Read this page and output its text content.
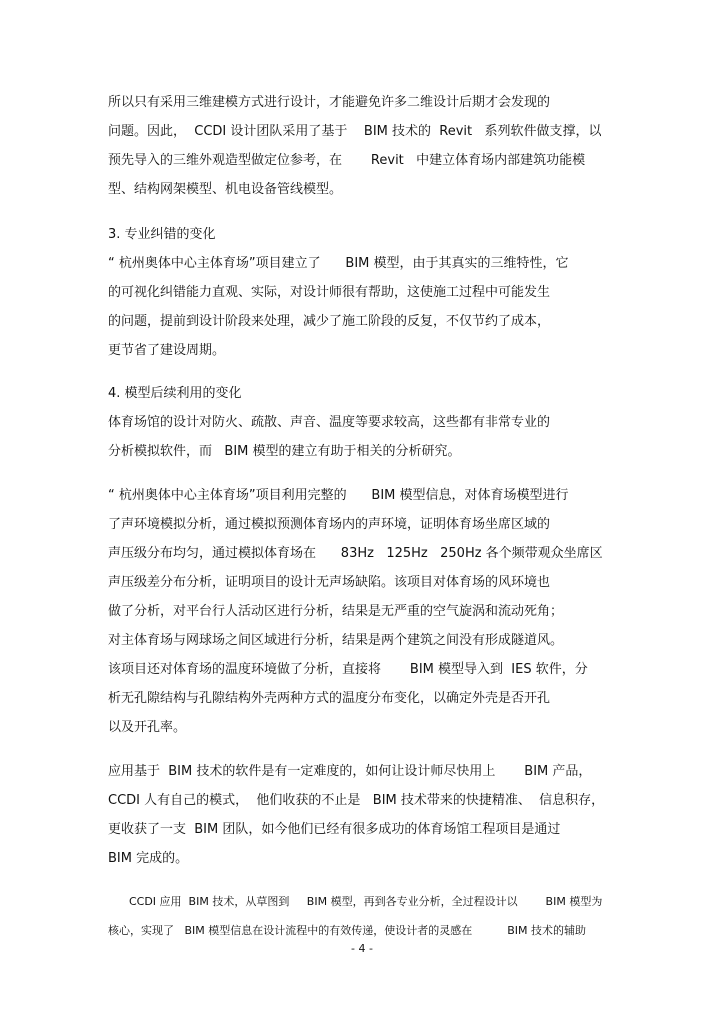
所以只有采用三维建模方式进行设计，才能避免许多二维设计后期才会发现的
问题。因此，  CCDI 设计团队采用了基于    BIM 技术的  Revit   系列软件做支撑，以
预先导入的三维外观造型做定位参考，在       Revit   中建立体育场内部建筑功能模
型、结构网架模型、机电设备管线模型。
3. 专业纠错的变化
“ 杭州奥体中心主体育场”项目建立了      BIM 模型，由于其真实的三维特性，它
的可视化纠错能力直观、实际，对设计师很有帮助，这使施工过程中可能发生
的问题，提前到设计阶段来处理，减少了施工阶段的反复，不仅节约了成本，
更节省了建设周期。
4. 模型后续利用的变化
体育场馆的设计对防火、疏散、声音、温度等要求较高，这些都有非常专业的
分析模拟软件，而   BIM 模型的建立有助于相关的分析研究。
“ 杭州奥体中心主体育场”项目利用完整的      BIM 模型信息，对体育场模型进行
了声环境模拟分析，通过模拟预测体育场内的声环境，证明体育场坐席区域的
声压级分布均匀，通过模拟体育场在      83Hz   125Hz   250Hz 各个频带观众坐席区
声压级差分布分析，证明项目的设计无声场缺陷。该项目对体育场的风环境也
做了分析，对平台行人活动区进行分析，结果是无严重的空气旋涡和流动死角；
对主体育场与网球场之间区域进行分析，结果是两个建筑之间没有形成隧道风。
该项目还对体育场的温度环境做了分析，直接将       BIM 模型导入到  IES 软件，分
析无孔隙结构与孔隙结构外壳两种方式的温度分布变化，以确定外壳是否开孔
以及开孔率。
应用基于  BIM 技术的软件是有一定难度的，如何让设计师尽快用上       BIM 产品，
CCDI 人有自己的模式，  他们收获的不止是   BIM 技术带来的快捷精准、  信息积存，
更收获了一支  BIM 团队，如今他们已经有很多成功的体育场馆工程项目是通过
BIM 完成的。
CCDI 应用  BIM 技术，从草图到     BIM 模型，再到各专业分析，全过程设计以        BIM 模型为
核心，实现了   BIM 模型信息在设计流程中的有效传递，使设计者的灵感在          BIM 技术的辅助
- 4 -
